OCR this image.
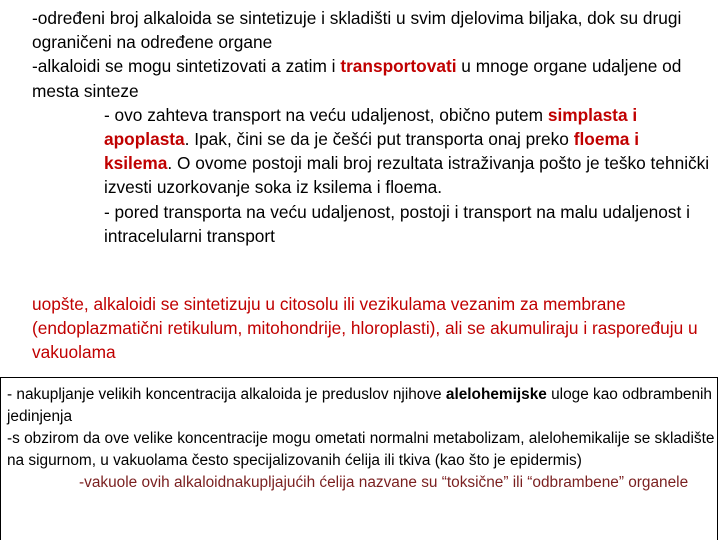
-određeni broj alkaloida se sintetizuje i skladišti u svim djelovima biljaka, dok su drugi ograničeni na određene organe

-alkaloidi se mogu sintetizovati a zatim i transportovati u mnoge organe udaljene od mesta sinteze

- ovo zahteva transport na veću udaljenost, obično putem simplasta i apoplasta. Ipak, čini se da je češći put transporta onaj preko floema i ksilema. O ovome postoji mali broj rezultata istraživanja pošto je teško tehnički izvesti uzorkovanje soka iz ksilema i floema.

- pored transporta na veću udaljenost, postoji i transport na malu udaljenost i intracelularni transport

uopšte, alkaloidi se sintetizuju u citosolu ili vezikulama vezanim za membrane (endoplazmatični retikulum, mitohondrije, hloroplasti), ali se akumuliraju i raspoređuju u vakuolama

- nakupljanje velikih koncentracija alkaloida je preduslov njihove alelohemijske uloge kao odbrambenih jedinjenja

-s obzirom da ove velike koncentracije mogu ometati normalni metabolizam, alelohemikalije se skladište na sigurnom, u vakuolama često specijalizovanih ćelija ili tkiva (kao što je epidermis)

-vakuole ovih alkaloidnakupljajućih ćelija nazvane su “toksične” ili “odbrambene” organele
